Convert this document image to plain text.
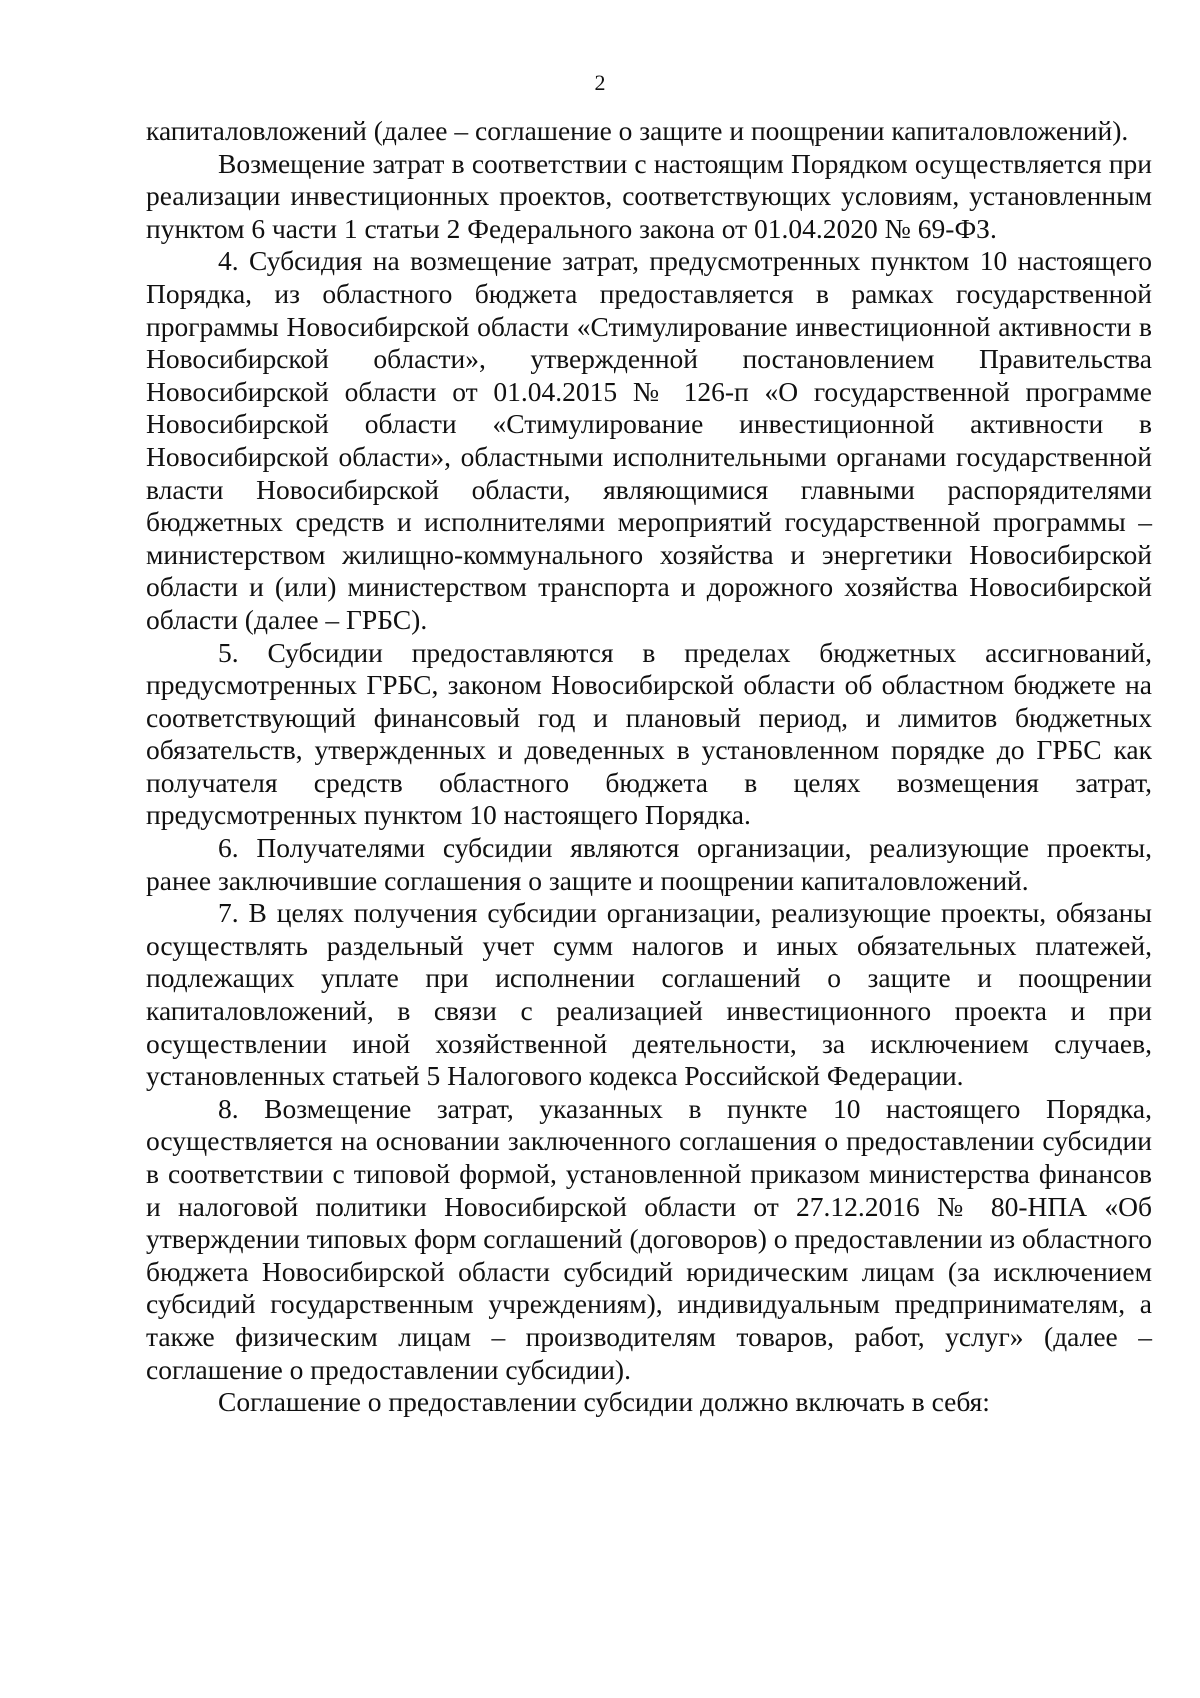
2

капиталовложений (далее – соглашение о защите и поощрении капиталовложений).

Возмещение затрат в соответствии с настоящим Порядком осуществляется при реализации инвестиционных проектов, соответствующих условиям, установленным пунктом 6 части 1 статьи 2 Федерального закона от 01.04.2020 № 69-ФЗ.

4. Субсидия на возмещение затрат, предусмотренных пунктом 10 настоящего Порядка, из областного бюджета предоставляется в рамках государственной программы Новосибирской области «Стимулирование инвестиционной активности в Новосибирской области», утвержденной постановлением Правительства Новосибирской области от 01.04.2015 № 126-п «О государственной программе Новосибирской области «Стимулирование инвестиционной активности в Новосибирской области», областными исполнительными органами государственной власти Новосибирской области, являющимися главными распорядителями бюджетных средств и исполнителями мероприятий государственной программы – министерством жилищно-коммунального хозяйства и энергетики Новосибирской области и (или) министерством транспорта и дорожного хозяйства Новосибирской области (далее – ГРБС).

5. Субсидии предоставляются в пределах бюджетных ассигнований, предусмотренных ГРБС, законом Новосибирской области об областном бюджете на соответствующий финансовый год и плановый период, и лимитов бюджетных обязательств, утвержденных и доведенных в установленном порядке до ГРБС как получателя средств областного бюджета в целях возмещения затрат, предусмотренных пунктом 10 настоящего Порядка.

6. Получателями субсидии являются организации, реализующие проекты, ранее заключившие соглашения о защите и поощрении капиталовложений.

7. В целях получения субсидии организации, реализующие проекты, обязаны осуществлять раздельный учет сумм налогов и иных обязательных платежей, подлежащих уплате при исполнении соглашений о защите и поощрении капиталовложений, в связи с реализацией инвестиционного проекта и при осуществлении иной хозяйственной деятельности, за исключением случаев, установленных статьей 5 Налогового кодекса Российской Федерации.

8. Возмещение затрат, указанных в пункте 10 настоящего Порядка, осуществляется на основании заключенного соглашения о предоставлении субсидии в соответствии с типовой формой, установленной приказом министерства финансов и налоговой политики Новосибирской области от 27.12.2016 № 80-НПА «Об утверждении типовых форм соглашений (договоров) о предоставлении из областного бюджета Новосибирской области субсидий юридическим лицам (за исключением субсидий государственным учреждениям), индивидуальным предпринимателям, а также физическим лицам – производителям товаров, работ, услуг» (далее – соглашение о предоставлении субсидии).

Соглашение о предоставлении субсидии должно включать в себя:
